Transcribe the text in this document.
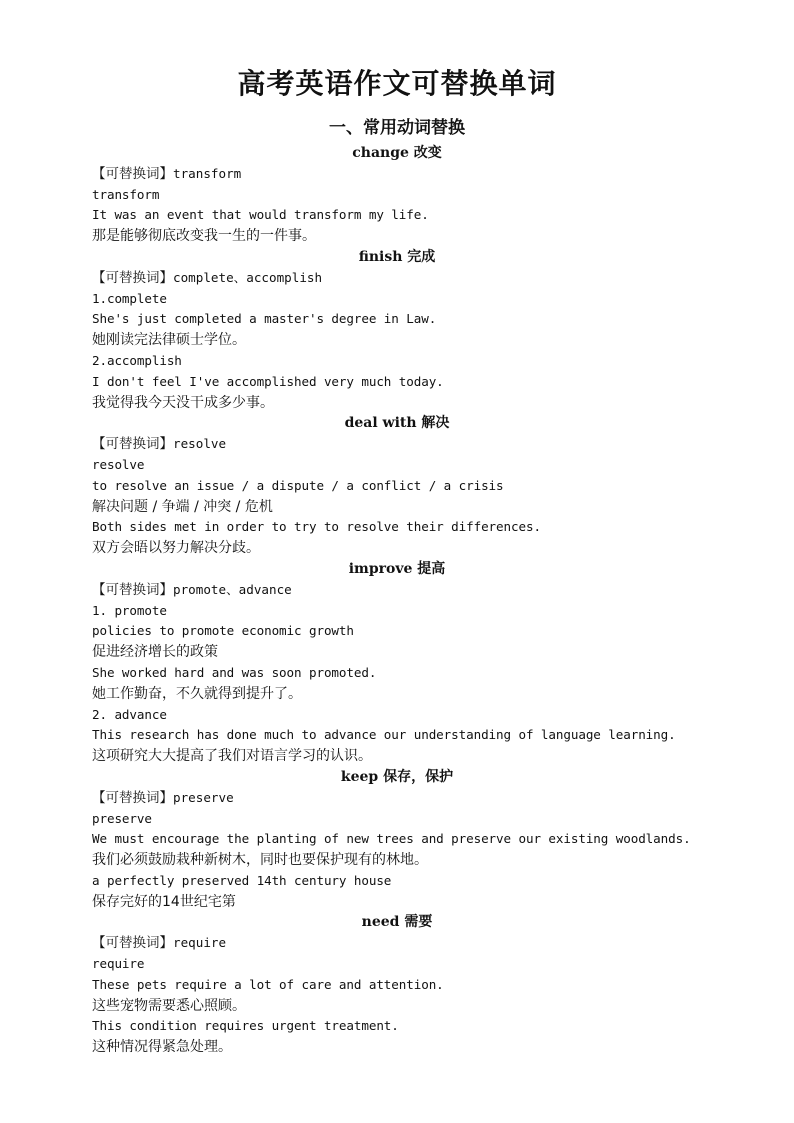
高考英语作文可替换单词
一、常用动词替换
change 改变
【可替换词】transform
transform
It was an event that would transform my life.
那是能够彻底改变我一生的一件事。
finish 完成
【可替换词】complete、accomplish
1.complete
She's just completed a master's degree in Law.
她刚读完法律硕士学位。
2.accomplish
I don't feel I've accomplished very much today.
我觉得我今天没干成多少事。
deal with 解决
【可替换词】resolve
resolve
to resolve an issue / a dispute / a conflict / a crisis
解决问题 / 争端 / 冲突 / 危机
Both sides met in order to try to resolve their differences.
双方会晤以努力解决分歧。
improve 提高
【可替换词】promote、advance
1. promote
policies to promote economic growth
促进经济增长的政策
She worked hard and was soon promoted.
她工作勤奋，不久就得到提升了。
2. advance
This research has done much to advance our understanding of language learning.
这项研究大大提高了我们对语言学习的认识。
keep 保存，保护
【可替换词】preserve
preserve
We must encourage the planting of new trees and preserve our existing woodlands.
我们必须鼓励栽种新树木，同时也要保护现有的林地。
a perfectly preserved 14th century house
保存完好的14世纪宅第
need 需要
【可替换词】require
require
These pets require a lot of care and attention.
这些宠物需要悉心照顾。
This condition requires urgent treatment.
这种情况得紧急处理。
